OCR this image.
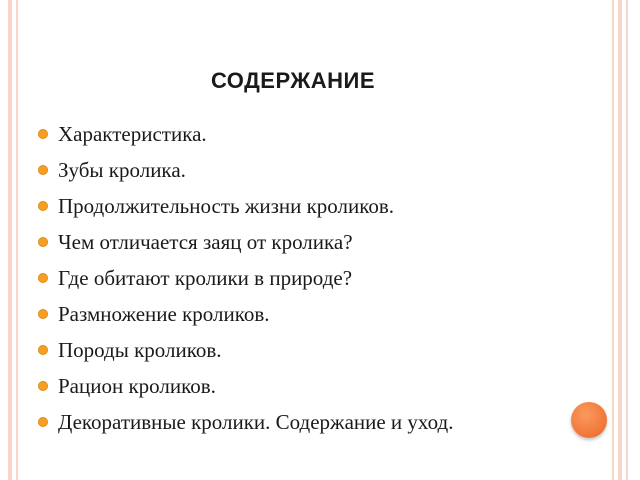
СОДЕРЖАНИЕ
Характеристика.
Зубы кролика.
Продолжительность жизни кроликов.
Чем отличается заяц от кролика?
Где обитают кролики в природе?
Размножение кроликов.
Породы кроликов.
Рацион кроликов.
Декоративные кролики. Содержание и уход.
